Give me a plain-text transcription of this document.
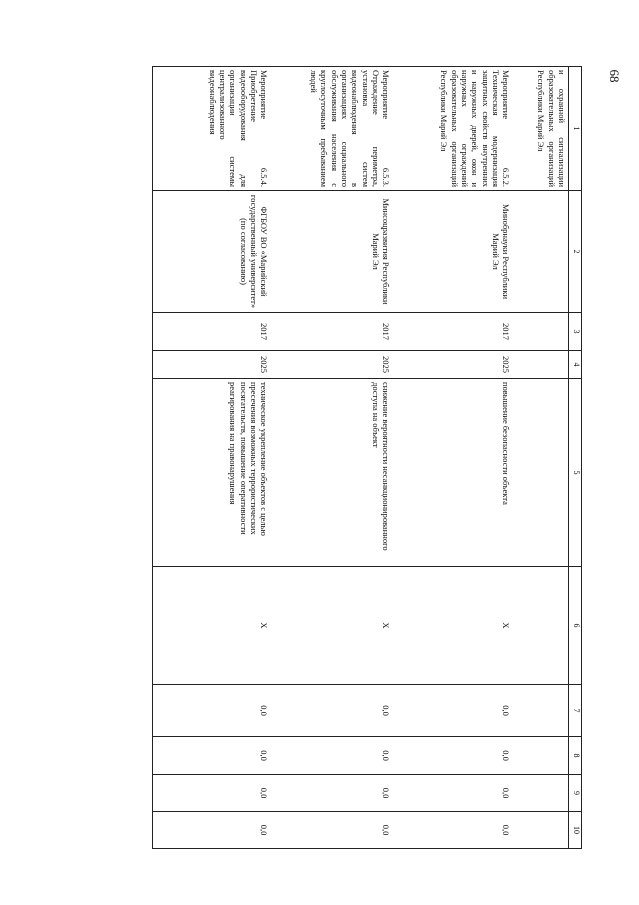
68
1	2	3	4	5	6	7	8	9	10
и охранной сигнализации образовательных организаций Республики Марий Эл									
Мероприятие 6.5.2. Техническая модернизация защитных свойств внутренних и наружных дверей, окон и наружных ограждений образовательных организаций Республики Марий Эл	Минобрнауки Республики Марий Эл	2017	2025	повышение безопасности объекта	X	0,0	0,0	0,0	0,0
Мероприятие 6.5.3. Отраждение периметра, установка систем видеонаблюдения в организациях социального обслуживания населения с круглосуточным пребыванием людей	Минсоцразвития Республики Марий Эл	2017	2025	снижение вероятности несанкционированного доступа на объект	X	0,0	0,0	0,0	0,0
Мероприятие 6.5.4. Приобретение видеооборудования для организации системы централизованного видеонаблюдения	ФГБОУ ВО «Марийский государственный университет» (по согласованию)	2017	2025	техническое укрепление объектов с целью пресечения возможных террористических посягательств, повышение оперативности реагирования на правонарушения	X	0,0	0,0	0,0	0,0
